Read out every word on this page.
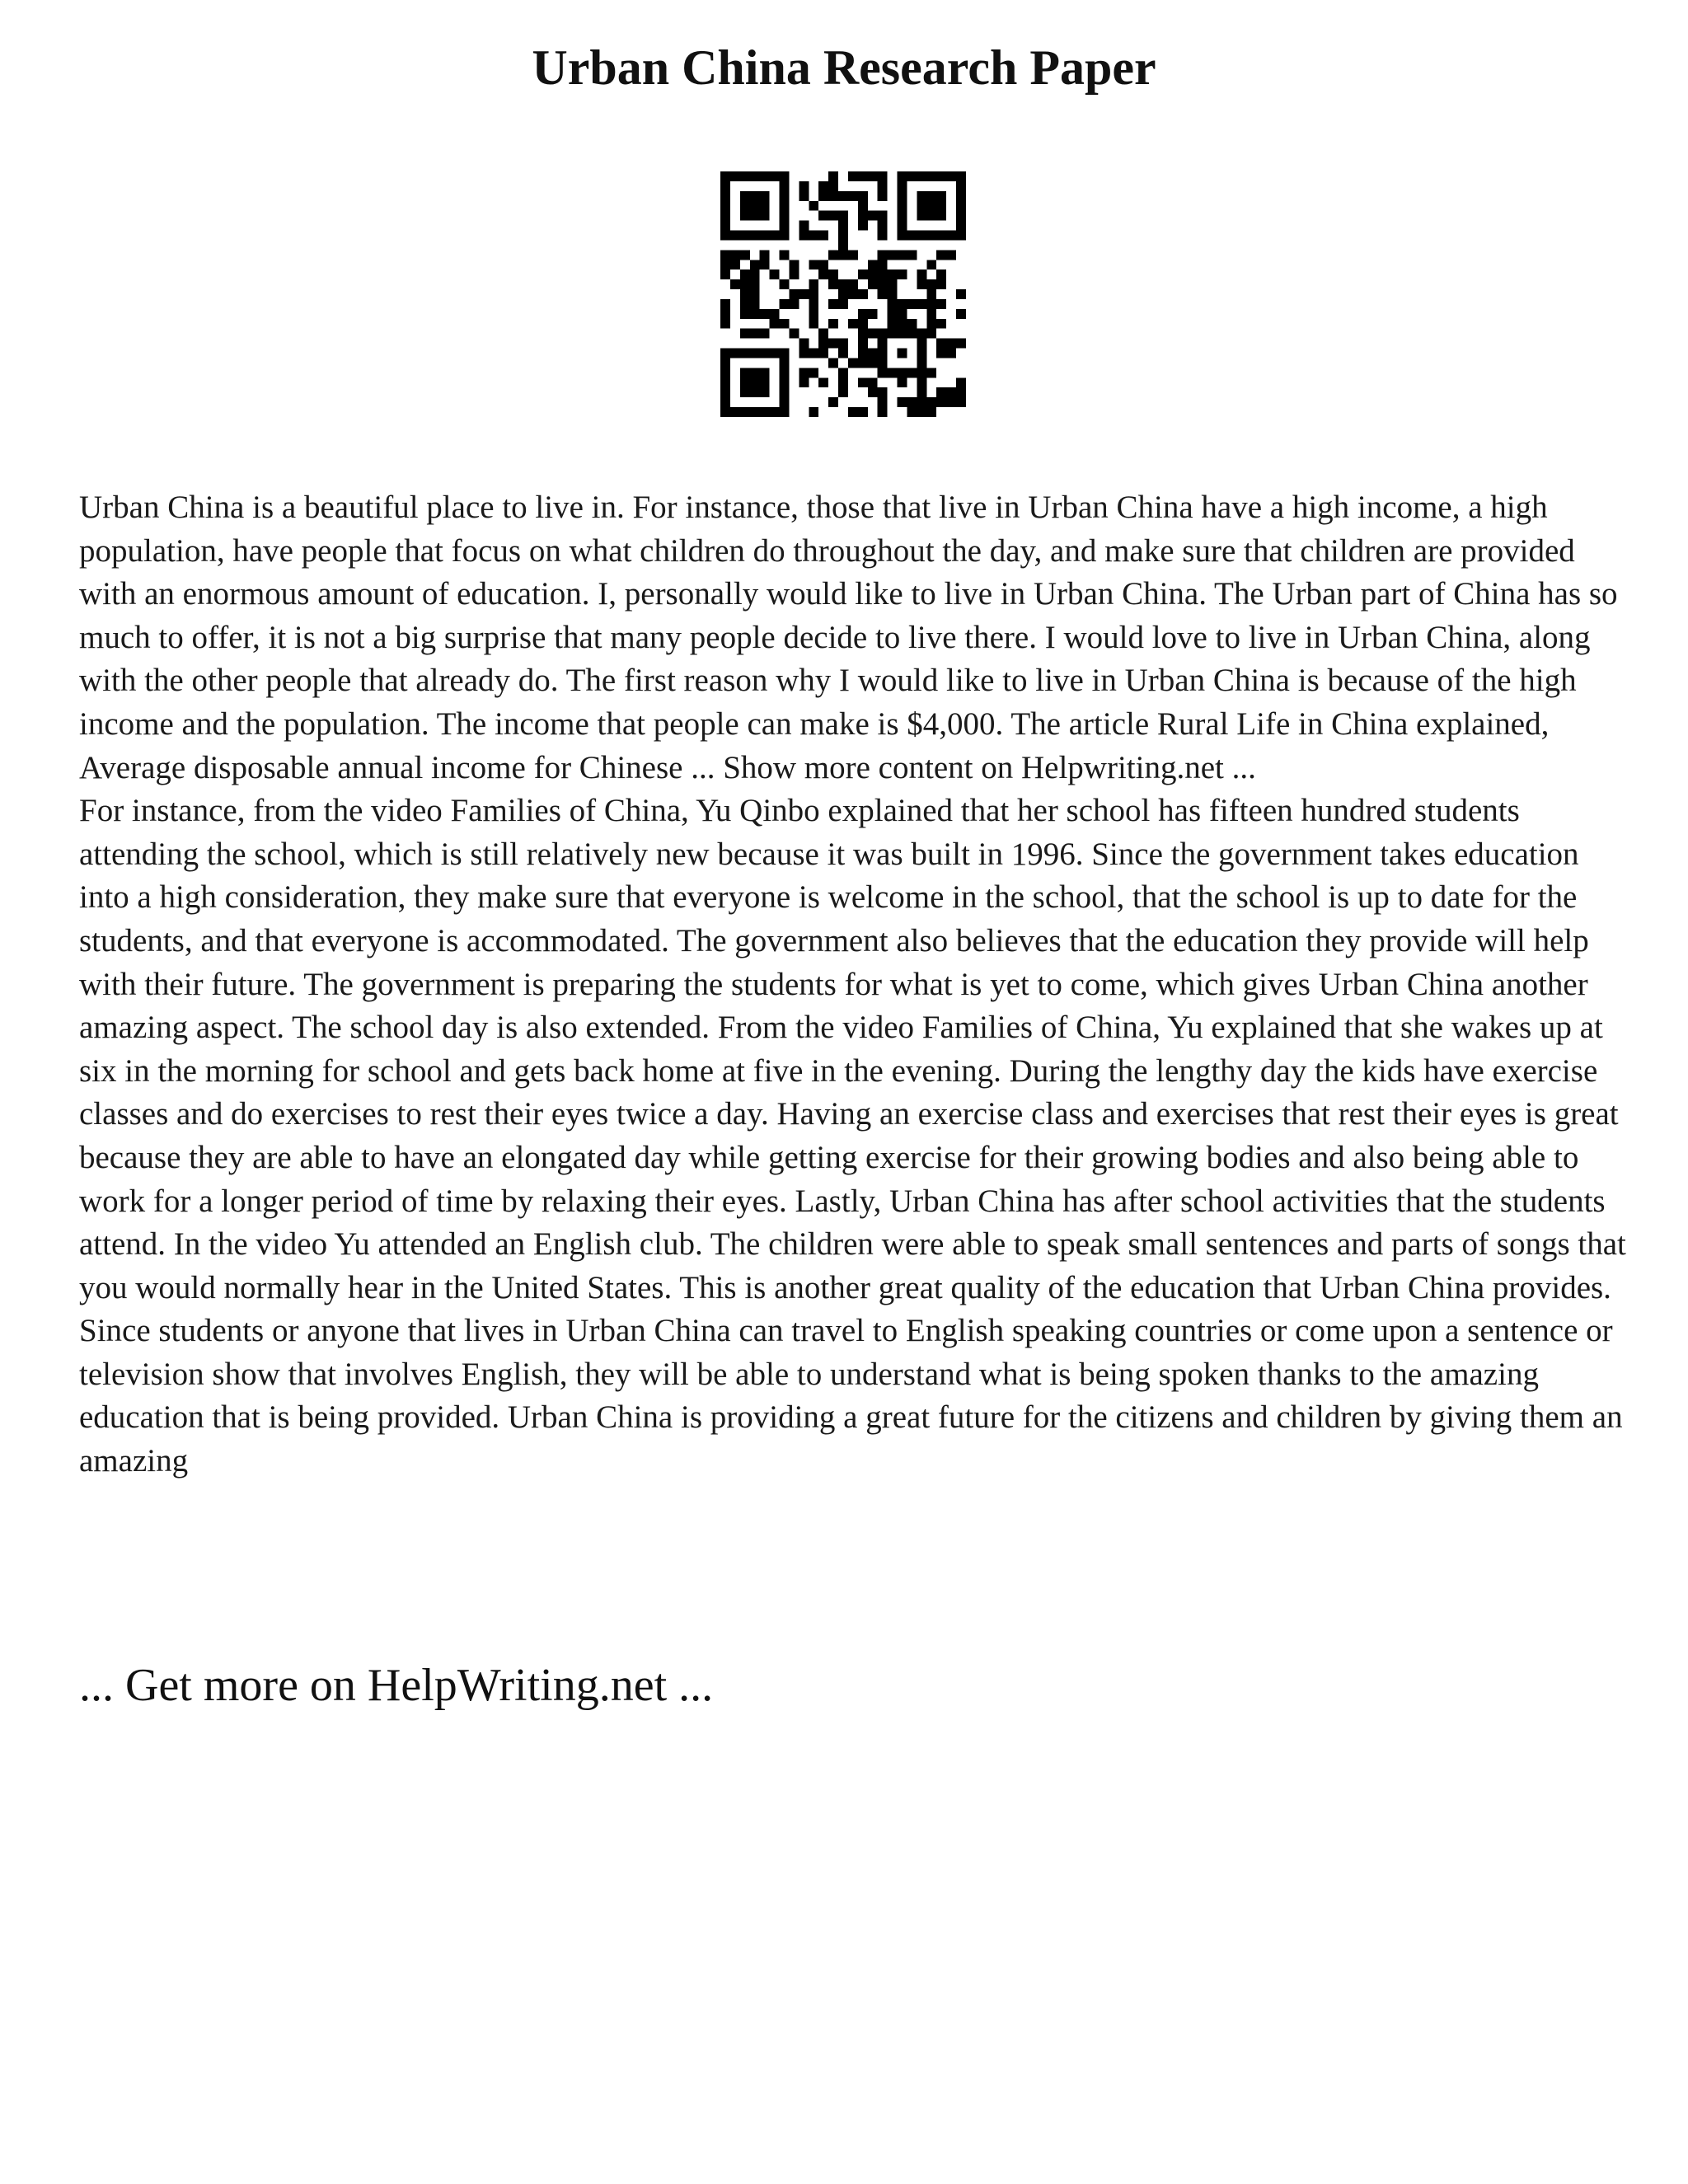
Urban China Research Paper

Urban China is a beautiful place to live in. For instance, those that live in Urban China have a high income, a high population, have people that focus on what children do throughout the day, and make sure that children are provided with an enormous amount of education. I, personally would like to live in Urban China. The Urban part of China has so much to offer, it is not a big surprise that many people decide to live there. I would love to live in Urban China, along with the other people that already do. The first reason why I would like to live in Urban China is because of the high income and the population. The income that people can make is $4,000. The article Rural Life in China explained, Average disposable annual income for Chinese ... Show more content on Helpwriting.net ...

For instance, from the video Families of China, Yu Qinbo explained that her school has fifteen hundred students attending the school, which is still relatively new because it was built in 1996. Since the government takes education into a high consideration, they make sure that everyone is welcome in the school, that the school is up to date for the students, and that everyone is accommodated. The government also believes that the education they provide will help with their future. The government is preparing the students for what is yet to come, which gives Urban China another amazing aspect. The school day is also extended. From the video Families of China, Yu explained that she wakes up at six in the morning for school and gets back home at five in the evening. During the lengthy day the kids have exercise classes and do exercises to rest their eyes twice a day. Having an exercise class and exercises that rest their eyes is great because they are able to have an elongated day while getting exercise for their growing bodies and also being able to work for a longer period of time by relaxing their eyes. Lastly, Urban China has after school activities that the students attend. In the video Yu attended an English club. The children were able to speak small sentences and parts of songs that you would normally hear in the United States. This is another great quality of the education that Urban China provides. Since students or anyone that lives in Urban China can travel to English speaking countries or come upon a sentence or television show that involves English, they will be able to understand what is being spoken thanks to the amazing education that is being provided. Urban China is providing a great future for the citizens and children by giving them an amazing

... Get more on HelpWriting.net ...
